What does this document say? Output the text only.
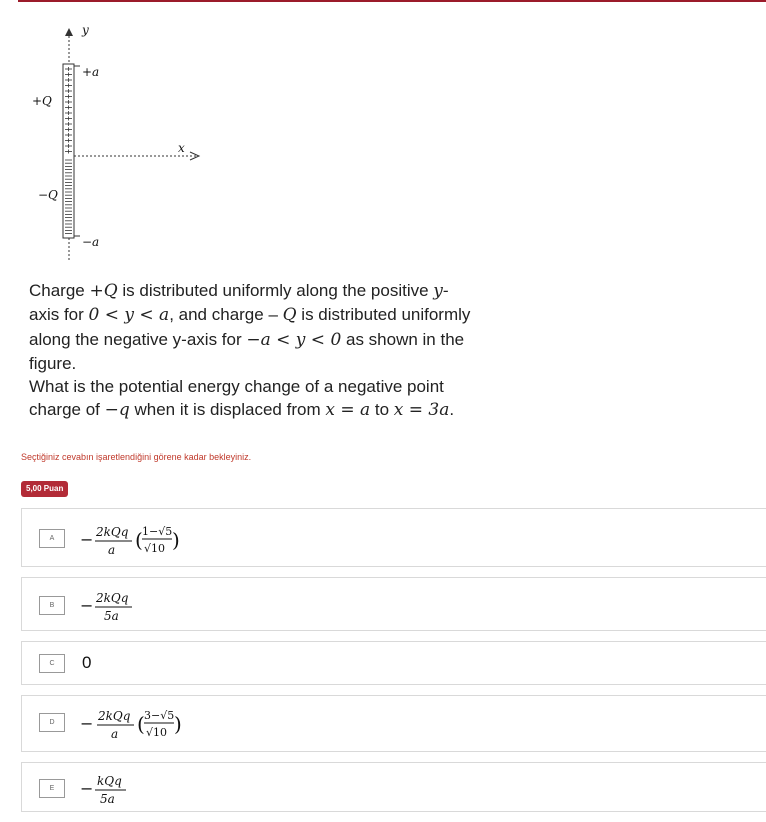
y
+a
−a
+Q
−Q
x

Charge +Q is distributed uniformly along the positive y-

axis for 0 < y < a, and charge – Q is distributed uniformly

along the negative y-axis for −a < y < 0 as shown in the

figure.

What is the potential energy change of a negative point

charge of −q when it is displaced from x = a to x = 3a.

Seçtiğiniz cevabın işaretlendiğini görene kadar bekleyiniz.
5,00 Puan
A	− 2kQq
a ( 1−√5
√10 )
B	− 2kQq
5a
C	0
D	− 2kQq
a ( 3−√5
√10 )
E	− kQq
5a
